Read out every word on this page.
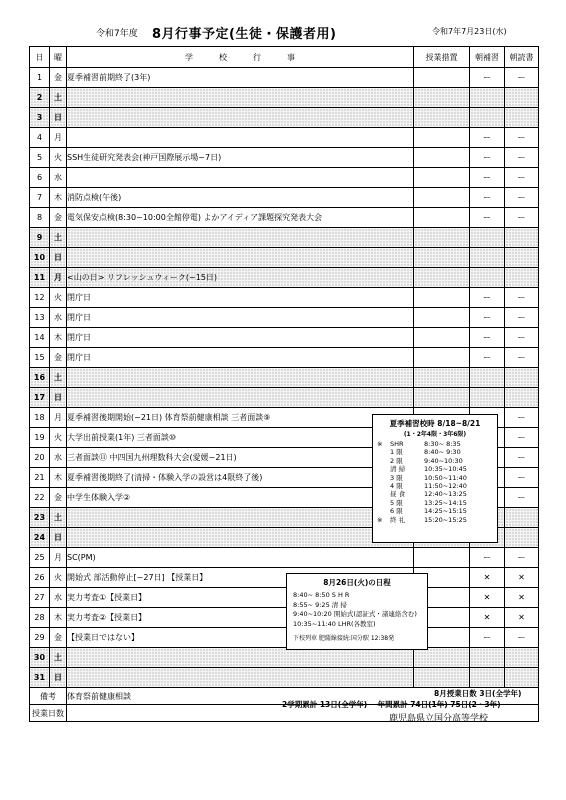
令和7年度 8月行事予定(生徒・保護者用)	令和7年7月23日(水)
日	曜	学校行事	授業措置	朝補習	朝読書
1	金	夏季補習前期終了(3年)		ー	ー
2	土				
3	日				
4	月			ー	ー
5	火	SSH生徒研究発表会(神戸国際展示場~7日)		ー	ー
6	水			ー	ー
7	木	消防点検(午後)		ー	ー
8	金	電気保安点検(8:30~10:00全館停電) よかアイディア課題探究発表大会		ー	ー
9	土				
10	日				
11	月	<山の日> リフレッシュウィーク(~15日)			
12	火	閉庁日		ー	ー
13	水	閉庁日		ー	ー
14	木	閉庁日		ー	ー
15	金	閉庁日		ー	ー
16	土				
17	日				
18	月	夏季補習後期開始(~21日) 体育祭前健康相談 三者面談⑨			ー
19	火	大学出前授業(1年) 三者面談⑩			ー
20	水	三者面談⑪ 中四国九州理数科大会(愛媛~21日)			ー
21	木	夏季補習後期終了(清掃・体験入学の設営は4限終了後)			ー
22	金	中学生体験入学②			ー
23	土				
24	日				
25	月	SC(PM)		ー	ー
26	火	開始式 部活動停止[~27日] 【授業日】		✕	✕
27	水	実力考査①【授業日】		✕	✕
28	木	実力考査②【授業日】		✕	✕
29	金	【授業日ではない】		ー	ー
30	土				
31	日				
備考		体育祭前健康相談			
授業日数					
8月授業日数 3日(全学年)
2学期累計 13日(全学年) 年間累計 74日(1年) 75日(2・3年)
鹿児島県立国分高等学校
夏季補習校時 8/18~8/21
(1・2年4限・3年6限)
※	SHR	8:30~ 8:35
1 限	8:40~ 9:30
2 限	9:40~10:30
清 掃	10:35~10:45
3 限	10:50~11:40
4 限	11:50~12:40
昼 食	12:40~13:25
5 限	13:25~14:15
6 限	14:25~15:15
※	終 礼	15:20~15:25
8月26日(火)の日程
8:40~ 8:50 S H R
8:55~ 9:25 清 掃
9:40~10:20 開始式(認証式・諸連絡含む)
10:35~11:40 LHR(各教室)
下校列車 肥薩線接続:国分駅 12:38発
